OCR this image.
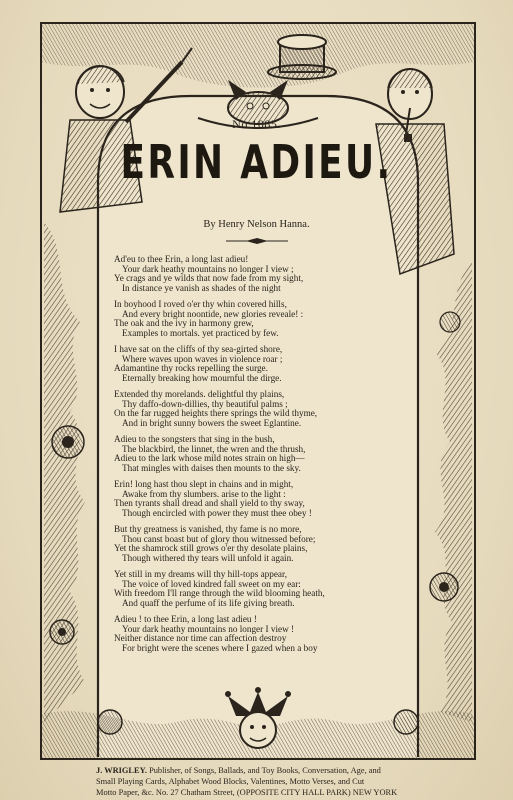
No 1085.
ERIN ADIEU.
By Henry Nelson Hanna.
Ad'eu to thee Erin, a long last adieu!
Your dark heathy mountains no longer I view ;
Ye crags and ye wilds that now fade from my sight,
In distance ye vanish as shades of the night
In boyhood I roved o'er thy whin covered hills,
And every bright noontide, new glories reveale! :
The oak and the ivy in harmony grew,
Examples to mortals. yet practiced by few.
I have sat on the cliffs of thy sea-girted shore,
Where waves upon waves in violence roar ;
Adamantine thy rocks repelling the surge.
Eternally breaking how mournful the dirge.
Extended thy morelands. delightful thy plains,
Thy daffo-down-dillies, thy beautiful palms ;
On the far rugged heights there springs the wild thyme,
And in bright sunny bowers the sweet Eglantine.
Adieu to the songsters that sing in the bush,
The blackbird, the linnet, the wren and the thrush,
Adieu to the lark whose mild notes strain on high—
That mingles with daises then mounts to the sky.
Erin! long hast thou slept in chains and in might,
Awake from thy slumbers. arise to the light :
Then tyrants shall dread and shall yield to thy sway,
Though encircled with power they must thee obey !
But thy greatness is vanished, thy fame is no more,
Thou canst boast but of glory thou witnessed before;
Yet the shamrock still grows o'er thy desolate plains,
Though withered thy tears will unfold it again.
Yet still in my dreams will thy hill-tops appear,
The voice of loved kindred fall sweet on my ear:
With freedom I'll range through the wild blooming heath,
And quaff the perfume of its life giving breath.
Adieu ! to thee Erin, a long last adieu !
Your dark heathy mountains no longer I view !
Neither distance nor time can affection destroy
For bright were the scenes where I gazed when a boy
J. WRIGLEY. Publisher, of Songs, Ballads, and Toy Books, Conversation, Age, and
Small Playing Cards, Alphabet Wood Blocks, Valentines, Motto Verses, and Cut
Motto Paper, &c. No. 27 Chatham Street, (OPPOSITE CITY HALL PARK) NEW YORK
